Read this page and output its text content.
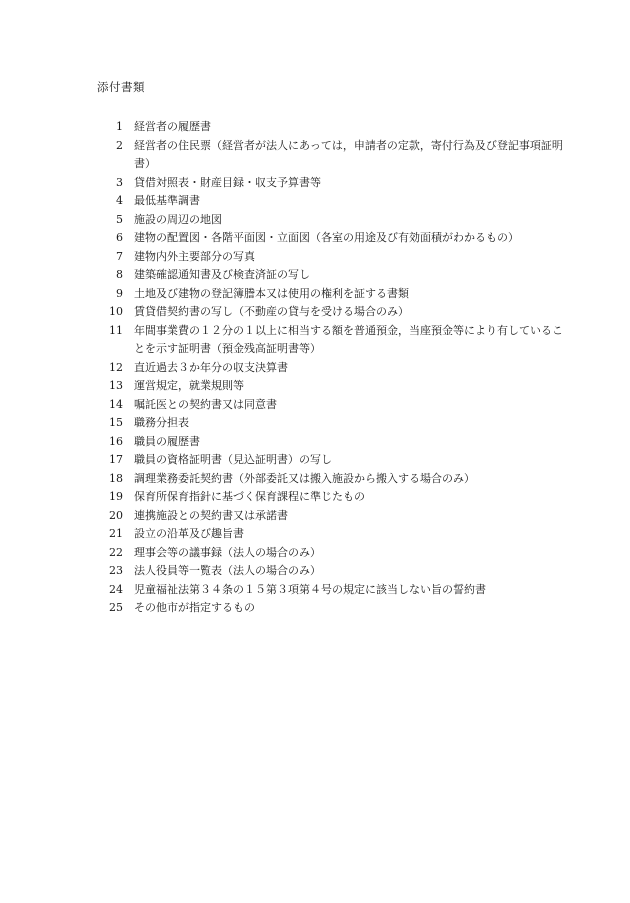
添付書類
1	経営者の履歴書
2	経営者の住民票（経営者が法人にあっては，申請者の定款，寄付行為及び登記事項証明書）
3	貸借対照表・財産目録・収支予算書等
4	最低基準調書
5	施設の周辺の地図
6	建物の配置図・各階平面図・立面図（各室の用途及び有効面積がわかるもの）
7	建物内外主要部分の写真
8	建築確認通知書及び検査済証の写し
9	土地及び建物の登記簿謄本又は使用の権利を証する書類
10	賃貸借契約書の写し（不動産の貸与を受ける場合のみ）
11	年間事業費の１２分の１以上に相当する額を普通預金，当座預金等により有していることを示す証明書（預金残高証明書等）
12	直近過去３か年分の収支決算書
13	運営規定，就業規則等
14	嘱託医との契約書又は同意書
15	職務分担表
16	職員の履歴書
17	職員の資格証明書（見込証明書）の写し
18	調理業務委託契約書（外部委託又は搬入施設から搬入する場合のみ）
19	保育所保育指針に基づく保育課程に準じたもの
20	連携施設との契約書又は承諾書
21	設立の沿革及び趣旨書
22	理事会等の議事録（法人の場合のみ）
23	法人役員等一覧表（法人の場合のみ）
24	児童福祉法第３４条の１５第３項第４号の規定に該当しない旨の誓約書
25	その他市が指定するもの
